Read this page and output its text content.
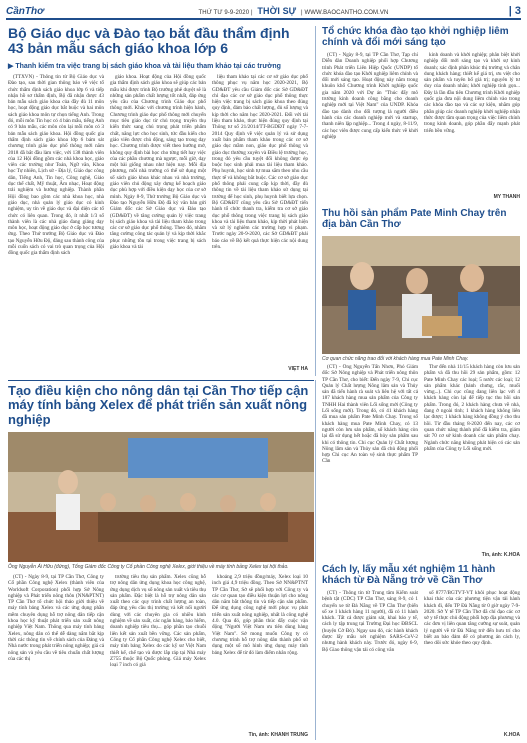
CầnThơ	THỨ TƯ 9-9-2020 | THỜI SỰ | WWW.BAOCANTHO.COM.VN	| 3
Bộ Giáo dục và Đào tạo bắt đầu thẩm định 43 bản mẫu sách giáo khoa lớp 6
▶ Thanh kiểm tra việc trang bị sách giáo khoa và tài liệu tham khảo tại các trường

(TTXVN) - Thông tin từ Bộ Giáo dục và Đào tạo, sau thời gian thông báo về việc tổ chức thẩm định sách giáo khoa lớp 6 và tiếp nhận hồ sơ thẩm định, Bộ đã nhận được 43 bản mẫu sách giáo khoa của đầy đủ 11 môn học, hoạt động giáo dục bắt buộc và hai môn sách giáo khoa môn tự chọn tiếng Anh. Trong đó, mỗi môn Tin học có 4 bản mẫu, tiếng Anh có 9 bản mẫu, các môn còn lại mỗi môn có 3 bản mẫu sách giáo khoa. Hội đồng quốc gia thẩm định sách giáo khoa lớp 6 bám sát chương trình giáo dục phổ thông mới năm 2018 đã bắt đầu làm việc, với 138 thành viên của 12 Hội đồng gồm các nhà khoa học, giáo viên các trường như Toán, Ngữ văn, Khoa học Tự nhiên, Lịch sử - Địa lý, Giáo dục công dân, Tiếng Anh, Tin học, Công nghệ, Giáo dục thể chất, Mỹ thuật, Âm nhạc, Hoạt động trải nghiệm và hướng nghiệp. Thành phần Hội đồng bao gồm các nhà khoa học, nhà giáo dục, nhà quản lý giáo dục có kinh nghiệm, uy tín về giáo dục và đại diện các tổ chức có liên quan. Trong đó, ít nhất 1/3 số thành viên là các nhà giáo đang giảng dạy môn học, hoạt động giáo dục ở cấp học tương ứng. Theo Thứ trưởng Bộ Giáo dục và Đào tạo Nguyễn Hữu Độ, đáng sau thành công của mỗi cuốn sách có vai trò quan trọng của Hội đồng quốc gia thẩm định sách

giáo khoa. Hoạt động của Hội đồng quốc gia thẩm định sách giáo khoa sẽ giúp các bản mẫu khi được trình Bộ trưởng phê duyệt sẽ là những sản phẩm chất lượng tốt nhất, đáp ứng yêu cầu của Chương trình Giáo dục phổ thông mới. Khác với chương trình hiện hành, Chương trình giáo dục phổ thông mới chuyển mục tiêu giáo dục từ chủ trọng truyền thụ kiến thức sang chú trọng phát triển phẩm chất, năng lực cho học sinh, tức đầu kiến cho giáo viên được chủ động, sáng tạo trong dạy học. Chương trình được viết theo hướng mở, không quy định bài học cho từng tiết hay việc của các phần chương mà ngược, mỗi giờ, dạy một bài giống nhau như hiện nay. Mỗi địa phương, mỗi nhà trường có thể sử dụng một số sách giáo khoa khác nhau và nhà trường, giáo viên chủ động xây dựng kế hoạch giáo dục phù hợp với điều kiện dạy học của cơ sở mình. Ngày 8-9, Thứ trưởng Bộ Giáo dục và Đào tạo Nguyễn Hữu Độ đã ký văn bản gửi Giám đốc các Sở Giáo dục và Đào tạo (GD&ĐT) về tăng cường quản lý việc trang bị sách giáo khoa và tài liệu tham khảo trong các cơ sở giáo dục phổ thông. Theo đó, nhằm tăng cường công tác quản lý và kịp thời khắc phục những tồn tại trong việc trang bị sách giáo khoa và tài

liệu tham khảo tại các cơ sở giáo dục phổ thông phục vụ năm học 2020-2021, Bộ GD&ĐT yêu cầu Giám đốc các Sở GD&ĐT chỉ đạo các cơ sở giáo dục phổ thông thực hiện việc trang bị sách giáo khoa theo đúng quy định, đảm bảo chất lượng, đủ số lượng và kịp thời cho năm học 2020-2021. Đối với tài liệu tham khảo, thực hiện đúng quy định tại Thông tư số 21/2014/TT-BGDĐT ngày 7-7-2014 Quy định về việc quản lý và sử dụng xuất bản phẩm tham khảo trong các cơ sở giáo dục mầm non, giáo dục phổ thông và giáo dục thường xuyên và Điều lệ trường học, trong đó yêu cầu tuyệt đối không được ép buộc học sinh phải mua tài liệu tham khảo. Phụ huynh, học sinh tự mua sắm theo nhu cầu thực tế và không bắt buộc. Các cơ sở giáo dục phổ thông phải cung cấp kịp thời, đầy đủ thông tin về tài liệu tham khảo sử dụng tại trường để học sinh, phụ huynh biết lựa chọn. Bộ GD&ĐT cũng yêu cầu Sở GD&ĐT tiến hành tổ chức thanh tra, kiểm tra cơ sở giáo dục phổ thông trong việc trang bị sách giáo khoa và tài liệu tham khảo, kịp thời phát hiện và xử lý nghiêm các trường hợp vi phạm. Trước ngày 20-9-2020, các Sở GD&ĐT phải báo cáo về Bộ kết quả thực hiện các nội dung trên.

VIỆT HÀ
Tổ chức khóa đào tạo khởi nghiệp liêm chính và đổi mới sáng tạo

(CT) - Ngày 8-9, tại TP Cần Thơ, Tạp chí Diễn đàn Doanh nghiệp phối hợp Chương trình Phát triển Liên Hiệp Quốc (UNDP) tổ chức khóa đào tạo Khởi nghiệp liêm chính và đổi mới sáng tạo. Hoạt động này nằm trong khuôn khổ Chương trình Khởi nghiệp quốc gia năm 2020 với Dự án "Thúc đẩy mô trường kinh doanh công bằng cho doanh nghiệp mới tại Việt Nam" của UNDP. Khóa đào tạo dành cho đối tượng là người điều hành của các doanh nghiệp mới và startup, thanh niên lập nghiệp... Trong 4 ngày, 8-11/9, các học viên được cung cấp kiến thức về khởi nghiệp

kinh doanh và khởi nghiệp; phân biệt khởi nghiệp đổi mới sáng tạo và khởi sự kinh doanh; xác định phân khúc thị trường và chân dung khách hàng; thiết kế giá trị, ưu việt cho sản phẩm và tuyên bố giá trị; nguyên lý tư duy của doanh nhân; khởi nghiệp tinh gọn... Đây là lần đầu tiên Chương trình Khởi nghiệp quốc gia đưa nội dung liêm chính vào trong các khóa đào tạo và các sự kiện, nhằm góp phần giúp các doanh nghiệp khởi nghiệp nhận thức được tầm quan trọng của việc liêm chính trong kinh doanh, góp phần đẩy mạnh phát triển bền vững.

MỸ THANH
Thu hồi sản phẩm Pate Minh Chay trên địa bàn Cần Thơ
Cơ quan chức năng trao đổi với khách hàng mua Pate Minh Chay.
Tạo điều kiện cho nông dân tại Cần Thơ tiếp cận máy tính bảng Xelex để phát triển sản xuất nông nghiệp
Ông Nguyễn Ái Hữu (đứng), Tổng Giám đốc Công ty Cổ phần Công nghệ Xelex, giới thiệu về máy tính bảng Xelex tại hội thảo.

(CT) - Ngày 8-9, tại TP Cần Thơ, Công ty Cổ phần Công nghệ Xelex (thành viên của Worldsoft Corporation) phối hợp Sở Nông nghiệp và Phát triển nông thôn (NN&PTNT) TP Cần Thơ tổ chức hội thảo giới thiệu về máy tính bảng Xelex và các ứng dụng phần mềm chuyên dụng hỗ trợ nông dân tiếp cận khoa học kỹ thuật phát triển sản xuất nông nghiệp Việt Nam. Thông qua máy tính bảng Xelex, nông dân có thể dễ dàng nắm bắt kịp thời các thông tin về chính sách của Đảng và Nhà nước trong phát triển nông nghiệp; giá cả nông sản và yêu cầu về tiêu chuẩn chất lượng của các thị

trường tiêu thụ sản phẩm. Xelex cũng hỗ trợ nông dân ứng dụng khoa học công nghệ, ứng dụng dịch vụ sổ nông sản xuất và tiêu thụ sản phẩm. Đặc biệt là hỗ trợ nông dân sản xuất theo các quy trình chất lượng an toàn, đáp ứng yêu cầu thị trường và kết nối người dùng với các chuyên gia có nhiều kinh nghiệm về sản xuất, các ngân hàng, bảo hiểm, doanh nghiệp tiêu thụ... góp phần tạo chuỗi liên kết sản xuất bền vững. Các sản phẩm, Công ty Cổ phần Công nghệ Xelex cho biết, máy tính bảng Xelex do các kỹ sư Việt Nam thiết kế, chế tạo và được lắp ráp tại Nhà máy Z755 thuộc Bộ Quốc phòng. Giá máy Xelex loại 7 inch có giá

khoảng 2,9 triệu đồng/máy, Xelex loại 10 inch giá 4,9 triệu đồng. Theo Sở NN&PTNT TP Cần Thơ, Sở sẽ phối hợp với Công ty và các cơ quan tạo điều kiện thuận lợi cho nông dân năm bắt thông tin và tiếp cận sản phẩm. Để ứng dụng công nghệ mới phục vụ phát triển sản xuất nông nghiệp, nhất là công nghệ 4.0. Qua đó, góp phần thúc đẩy cuộc vận động "Người Việt Nam ưu tiên dùng hàng Việt Nam". Sở mong muốn Công ty có chương trình hỗ trợ nông dân thành phố sử dụng một số mô hình ứng dụng máy tính bảng Xelex để từ đó làm điểm nhân rộng.

Tin, ảnh: KHÁNH TRUNG

(CT) - Ông Nguyễn Tấn Nhơn, Phó Giám đốc Sở Nông nghiệp và Phát triển nông thôn TP Cần Thơ, cho biết: Đến ngày 7-9, Chi cục Quản lý Chất lượng Nông lâm sản và Thủy sản đã tiến hành rà soát và liên hệ với tất cả 187 khách hàng mua sản phẩm của Công ty TNHH Hai thành viên Lối sống mới (Công ty Lối sống mới). Trong đó, có 41 khách hàng đã mua sản phẩm Pate Minh Chay. Trong số khách hàng mua Pate Minh Chay, có 13 người còn lưu sản phẩm, số khách hàng còn lại đã sử dụng hết hoặc đã hủy sản phẩm sau khi có thông tin. Chi cục Quản lý Chất lượng Nông lâm sản và Thủy sản đã chủ động phối hợp Chi cục An toàn vệ sinh thực phẩm TP Cần

Thơ đến nhà 11/15 khách hàng còn lưu sản phẩm và đã thu hồi 29 sản phẩm, gồm: 12 Pate Minh Chay các loại; 5 nước các loại; 12 sản phẩm khác (bánh chưng, rắc, muối vừng...). Chi cục cũng đang liên lạc với 4 khách hàng còn lại để tiếp tục thu hồi sản phẩm. Trong đó, 2 khách hàng chưa về nhà, đang ở ngoài tỉnh; 1 khách hàng không liên lạc được; 1 khách hàng không đồng ý cho thu hồi. Từ đầu tháng 8-2020 đến nay, các cơ quan chức năng thành phố đã kiểm tra, giám sát 70 cơ sở kinh doanh các sản phẩm chay. Ngành chức năng không phát hiện có các sản phẩm của Công ty Lối sống mới.

Tin, ảnh: K.HOA
Cách ly, lấy mẫu xét nghiệm 11 hành khách từ Đà Nẵng trở về Cần Thơ

(CT) - Thông tin từ Trung tâm Kiểm soát bệnh tật (CDC) TP Cần Thơ, sáng 8-9, có 1 chuyến xe từ Đà Nẵng về TP Cần Thơ (biển số xe 1 khách hàng 11 người), đã có 11 hành khách. Tất cả được giám sát, khai báo y tế, cách ly tập trung tại Trường Đại học ĐBSCL (huyện Cờ Đỏ). Ngay sau đó, các hành khách được lấy mẫu xét nghiệm SARS-CoV-2 nhưng hành khách này. Trước đó, ngày 6-9, Bộ Giao thông vận tải có công văn

số 8777/BGTVT-VT khôi phục hoạt động khai thác của các phương tiện vận tải hành khách đi, đến TP Đà Nẵng từ 0 giờ ngày 7-9-2020. Sở Y tế TP Cần Thơ đã chỉ đạo các cơ sở y tế thực chủ động phối hợp địa phương và các đơn vị liên quan tăng cường sự soát, quản lý người về từ Đà Nẵng trở đến hưu trí cho biết an bảo đảm để có phương án cách ly, theo dõi sức khỏe theo quy định.

K.HOA
